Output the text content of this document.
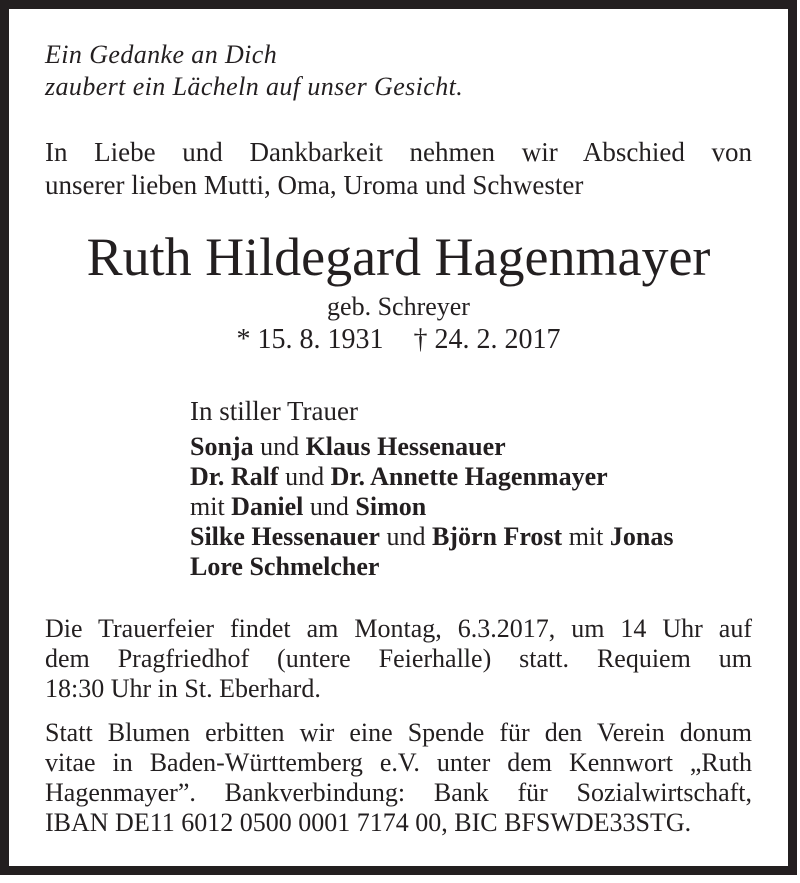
Ein Gedanke an Dich
zaubert ein Lächeln auf unser Gesicht.
In Liebe und Dankbarkeit nehmen wir Abschied von
unserer lieben Mutti, Oma, Uroma und Schwester
Ruth Hildegard Hagenmayer
geb. Schreyer
* 15. 8. 1931 † 24. 2. 2017
In stiller Trauer
Sonja und Klaus Hessenauer
Dr. Ralf und Dr. Annette Hagenmayer
mit Daniel und Simon
Silke Hessenauer und Björn Frost mit Jonas
Lore Schmelcher
Die Trauerfeier findet am Montag, 6.3.2017, um 14 Uhr auf
dem Pragfriedhof (untere Feierhalle) statt. Requiem um
18:30 Uhr in St. Eberhard.
Statt Blumen erbitten wir eine Spende für den Verein donum
vitae in Baden-Württemberg e.V. unter dem Kennwort „Ruth
Hagenmayer”. Bankverbindung: Bank für Sozialwirtschaft,
IBAN DE11 6012 0500 0001 7174 00, BIC BFSWDE33STG.
